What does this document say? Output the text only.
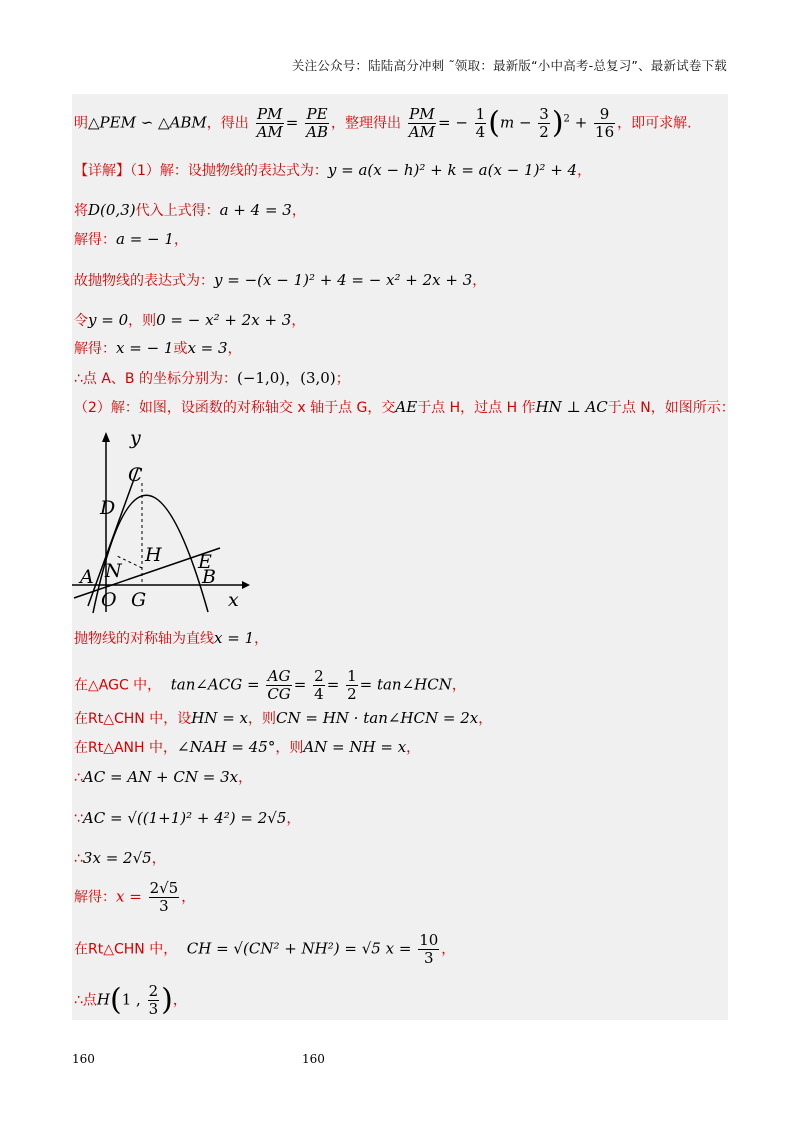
关注公众号：陆陆高分冲刺 ˜领取：最新版“小中高考-总复习”、最新试卷下载
明△PEM ∽ △ABM，得出 $\frac{PM}{AM} = \frac{PE}{AB}$ ，整理得出 $\frac{PM}{AM}$ = − $\frac{1}{4} (m - \frac{3}{2} )^2 + \frac{9}{16}$ ，即可求解.
【详解】（1）解：设抛物线的表达式为：y = a(x − h)² + k = a(x − 1)² + 4，
将D(0,3)代入上式得：a + 4 = 3，
解得：a = − 1，
故抛物线的表达式为：y = −(x − 1)² + 4 = − x² + 2x + 3，
令y = 0，则0 = − x² + 2x + 3，
解得：x = − 1或x = 3，
∴点 A、B 的坐标分别为：(−1,0)，(3,0)；
（2）解：如图，设函数的对称轴交 x 轴于点 G，交AE于点 H，过点 H 作HN ⊥ AC于点 N，如图所示：
y
x
C
D
H E
N
A	B
O G
抛物线的对称轴为直线x = 1，
在△AGC 中， tan∠ACG = $\frac{AG}{CG} = \frac{2}{4} = \frac{1}{2}$ = tan∠HCN，
在Rt△CHN 中，设HN = x，则CN = HN · tan∠HCN = 2x，
在Rt△ANH 中，∠NAH = 45°，则AN = NH = x，
∴AC = AN + CN = 3x，
∵AC = √((1+1)² + 4²) = 2√5，
∴3x = 2√5，
解得：$x = \frac{2√5}{3}$ ，
在Rt△CHN 中， CH = √(CN² + NH²) = √5 $x = \frac{10}{3}$ ，
∴点H(1 , $\frac{2}{3}$ )，
160	160
